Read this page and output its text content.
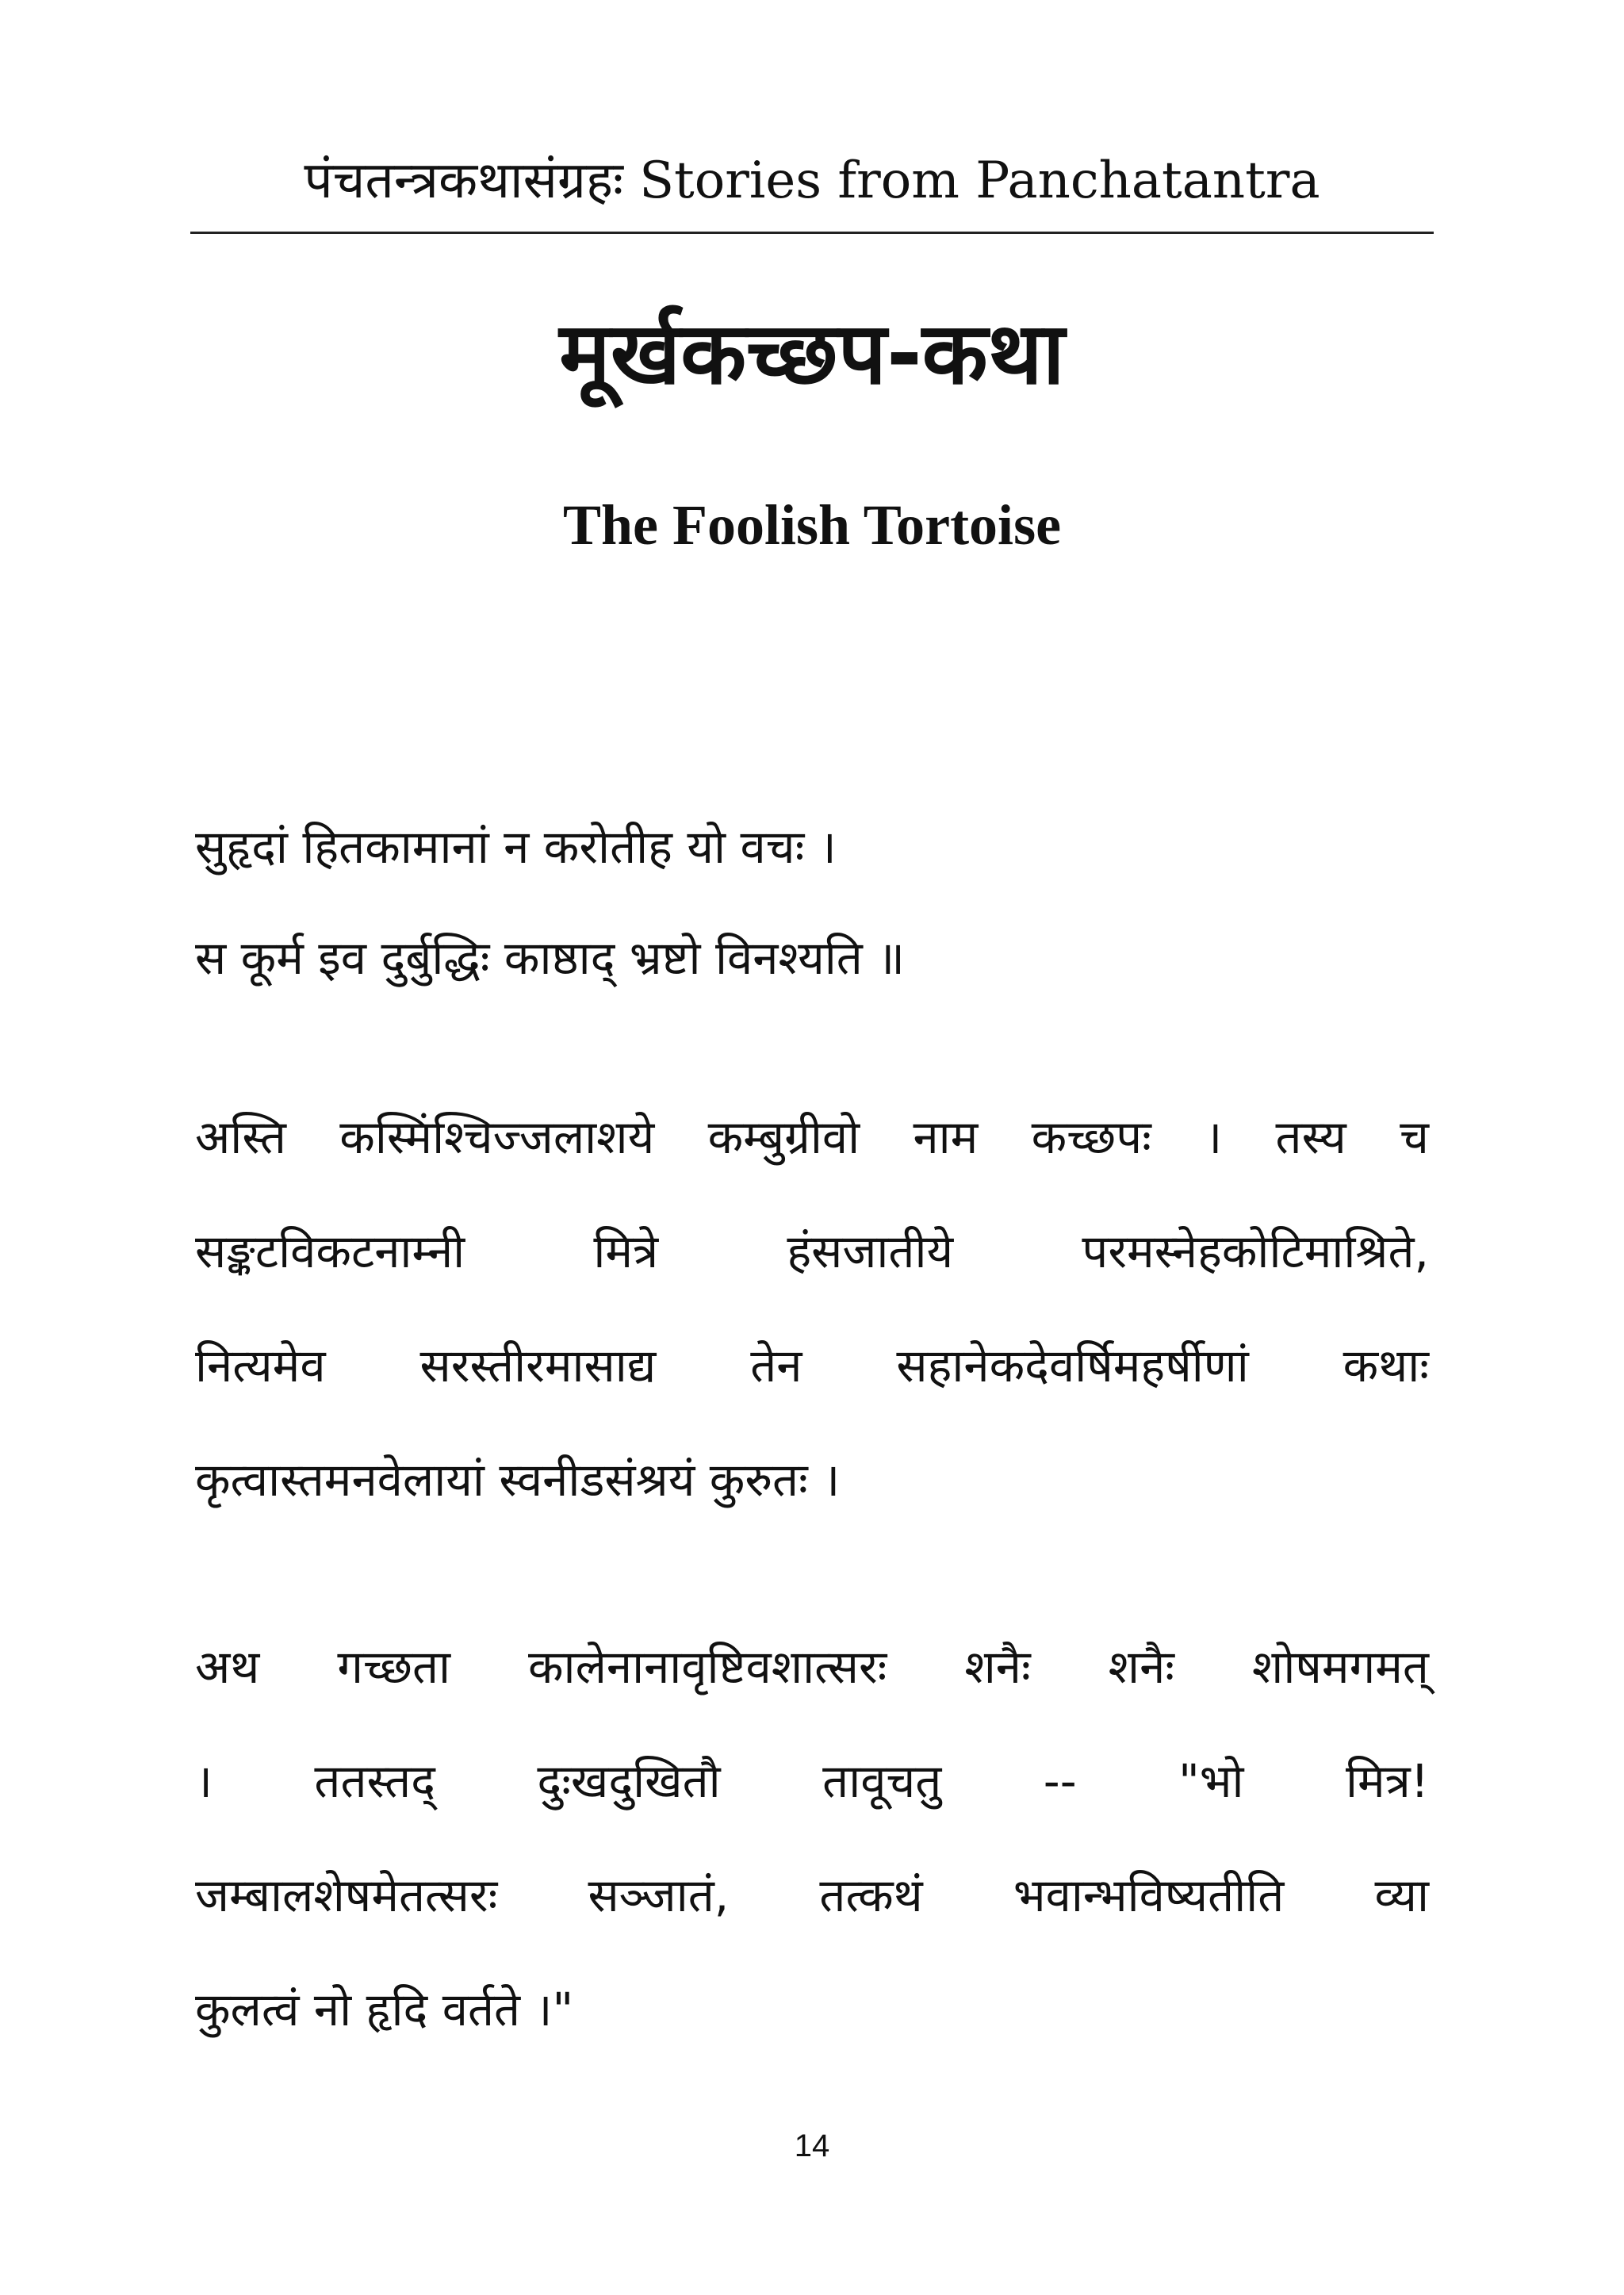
पंचतन्त्रकथासंग्रहः Stories from Panchatantra
मूर्खकच्छप-कथा
The Foolish Tortoise
सुहृदां हितकामानां न करोतीह यो वचः ।
स कूर्म इव दुर्बुद्धिः काष्ठाद् भ्रष्टो विनश्यति ॥
अस्ति कस्मिंश्चिज्जलाशये कम्बुग्रीवो नाम कच्छपः । तस्य च
सङ्कटविकटनाम्नी मित्रे हंसजातीये परमस्नेहकोटिमाश्रिते,
नित्यमेव सरस्तीरमासाद्य तेन सहानेकदेवर्षिमहर्षीणां कथाः
कृत्वास्तमनवेलायां स्वनीडसंश्रयं कुरुतः ।
अथ गच्छता कालेनानावृष्टिवशात्सरः शनैः शनैः शोषमगमत्
। ततस्तद् दुःखदुखितौ तावूचतु -- "भो मित्र!
जम्बालशेषमेतत्सरः सञ्जातं, तत्कथं भवान्भविष्यतीति व्या
कुलत्वं नो हृदि वर्तते ।"
14
